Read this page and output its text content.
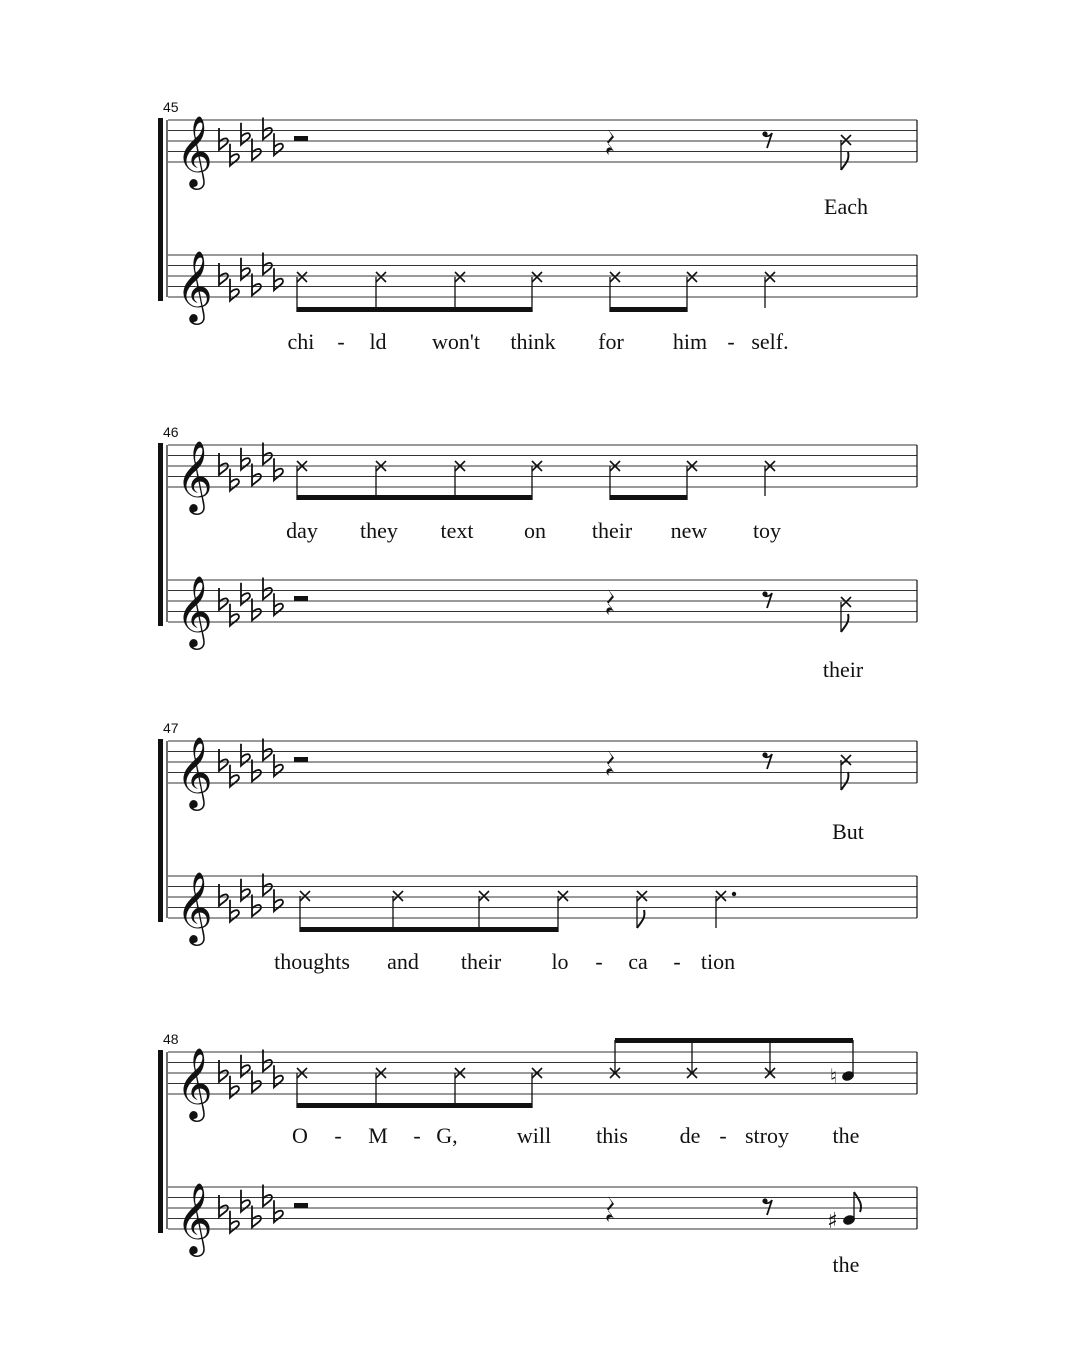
45
𝄞
𝄞
46
𝄞
𝄞
47
𝄞
𝄞
48
𝄞
𝄞
♮
♯
Each
chi - ld won't think for him - self.
day they text on their new toy
their
But
thoughts and their lo - ca - tion
O - M - G,	will this de - stroy the
the
